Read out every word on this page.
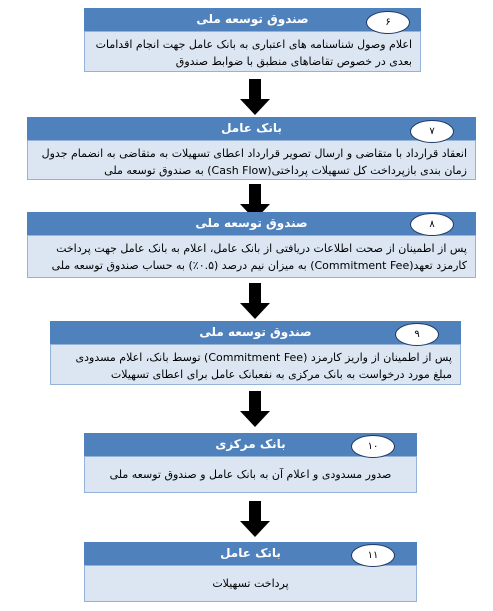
صندوق توسعه ملی
اعلام وصول شناسنامه های اعتباری به بانک عامل جهت انجام اقدامات بعدی در خصوص تقاضاهای منطبق با ضوابط صندوق
۶
بانک عامل
انعقاد قرارداد با متقاضی و ارسال تصویر قرارداد اعطای تسهیلات به متقاضی به انضمام جدول زمان بندی بازپرداخت کل تسهیلات پرداختی(Cash Flow) به صندوق توسعه ملی
۷
صندوق توسعه ملی
پس از اطمینان از صحت اطلاعات دریافتی از بانک عامل، اعلام به بانک عامل جهت پرداخت کارمزد تعهد(Commitment Fee) به میزان نیم درصد (۰.۵٪) به حساب صندوق توسعه ملی
۸
صندوق توسعه ملی
پس از اطمینان از واریز کارمزد (Commitment Fee) توسط بانک، اعلام مسدودی مبلغ مورد درخواست به بانک مرکزی به نفعبانک عامل برای اعطای تسهیلات
۹
بانک مرکزی
صدور مسدودی و اعلام آن به بانک عامل و صندوق توسعه ملی
۱۰
بانک عامل
پرداخت تسهیلات
۱۱
